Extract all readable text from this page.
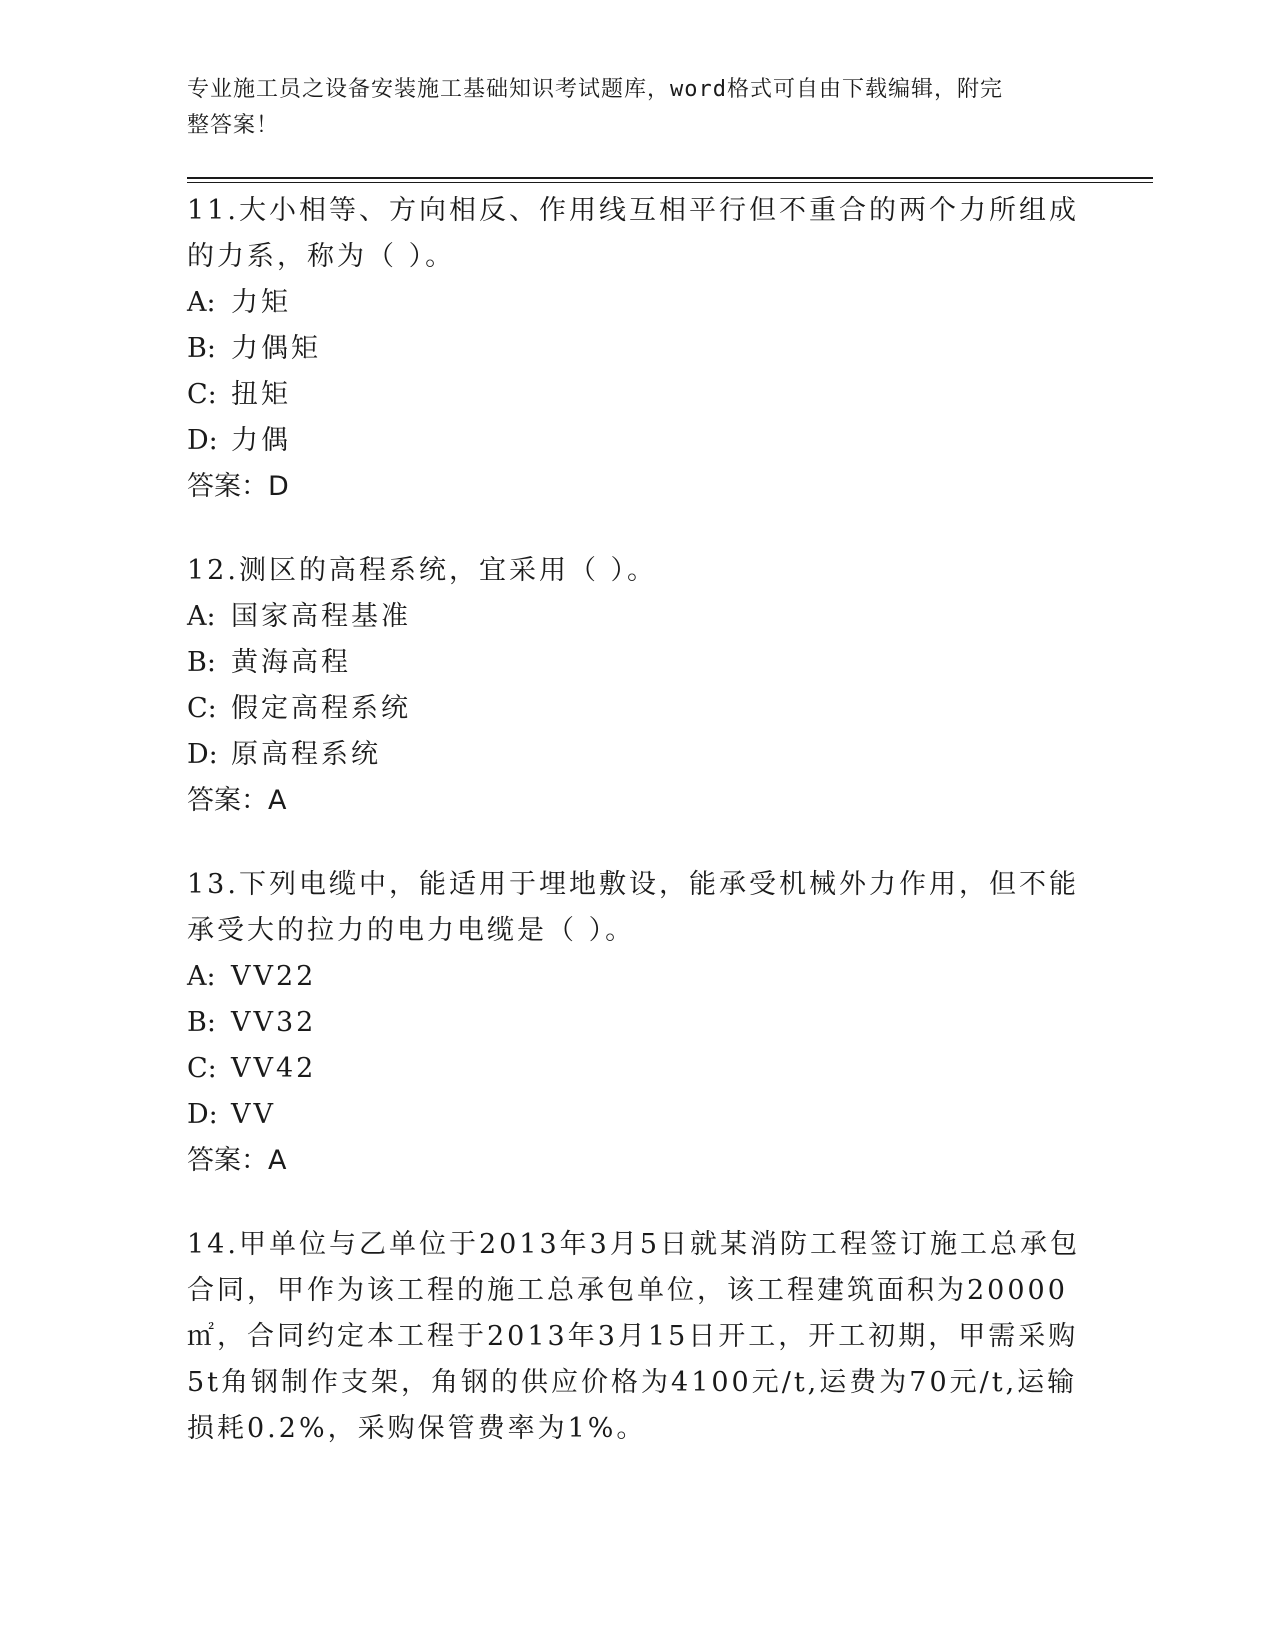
专业施工员之设备安装施工基础知识考试题库，word格式可自由下载编辑，附完
整答案！
11.大小相等、方向相反、作用线互相平行但不重合的两个力所组成的力系，称为（ ）。
A: 力矩
B: 力偶矩
C: 扭矩
D: 力偶
答案：D
12.测区的高程系统，宜采用（ ）。
A: 国家高程基准
B: 黄海高程
C: 假定高程系统
D: 原高程系统
答案：A
13.下列电缆中，能适用于埋地敷设，能承受机械外力作用，但不能承受大的拉力的电力电缆是（ ）。
A: VV22
B: VV32
C: VV42
D: VV
答案：A
14.甲单位与乙单位于2013年3月5日就某消防工程签订施工总承包合同，甲作为该工程的施工总承包单位，该工程建筑面积为20000㎡，合同约定本工程于2013年3月15日开工，开工初期，甲需采购5t角钢制作支架，角钢的供应价格为4100元/t,运费为70元/t,运输损耗0.2%，采购保管费率为1%。
